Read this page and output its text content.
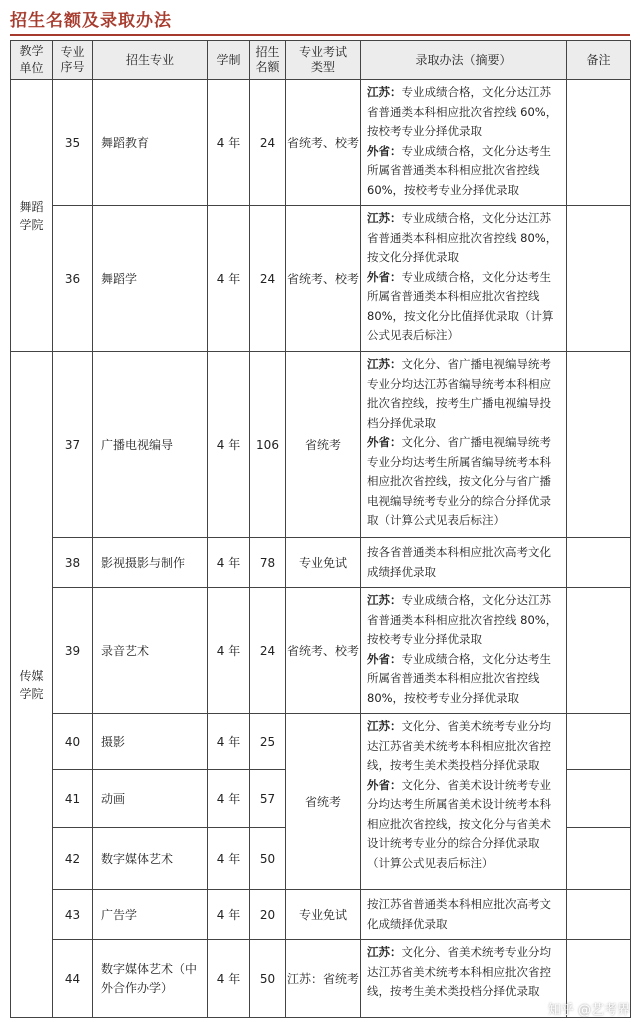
招生名额及录取办法
教学单位	专业序号	招生专业	学制	招生名额	专业考试类型	录取办法（摘要）	备注

舞蹈学院	35	舞蹈教育	4 年	24	省统考、校考	江苏：专业成绩合格，文化分达江苏省普通类本科相应批次省控线 60%，按校考专业分择优录取
外省：专业成绩合格，文化分达考生所属省普通类本科相应批次省控线 60%，按校考专业分择优录取	
	36	舞蹈学	4 年	24	省统考、校考	江苏：专业成绩合格，文化分达江苏省普通类本科相应批次省控线 80%，按文化分择优录取
外省：专业成绩合格，文化分达考生所属省普通类本科相应批次省控线 80%，按文化分比值择优录取（计算公式见表后标注）	

传媒学院	37	广播电视编导	4 年	106	省统考	江苏：文化分、省广播电视编导统考专业分均达江苏省编导统考本科相应批次省控线，按考生广播电视编导投档分择优录取
外省：文化分、省广播电视编导统考专业分均达考生所属省编导统考本科相应批次省控线，按文化分与省广播电视编导统考专业分的综合分择优录取（计算公式见表后标注）	
	38	影视摄影与制作	4 年	78	专业免试	按各省普通类本科相应批次高考文化成绩择优录取	
	39	录音艺术	4 年	24	省统考、校考	江苏：专业成绩合格，文化分达江苏省普通类本科相应批次省控线 80%，按校考专业分择优录取
外省：专业成绩合格，文化分达考生所属省普通类本科相应批次省控线 80%，按校考专业分择优录取	
	40	摄影	4 年	25	省统考	江苏：文化分、省美术统考专业分均达江苏省美术统考本科相应批次省控线，按考生美术类投档分择优录取
外省：文化分、省美术设计统考专业分均达考生所属省美术设计统考本科相应批次省控线，按文化分与省美术设计统考专业分的综合分择优录取（计算公式见表后标注）	
	41	动画	4 年	57			
	42	数字媒体艺术	4 年	50			
	43	广告学	4 年	20	专业免试	按江苏省普通类本科相应批次高考文化成绩择优录取	
	44	数字媒体艺术（中外合作办学）	4 年	50	江苏：省统考	江苏：文化分、省美术统考专业分均达江苏省美术统考本科相应批次省控线，按考生美术类投档分择优录取	
知乎 @艺考界
